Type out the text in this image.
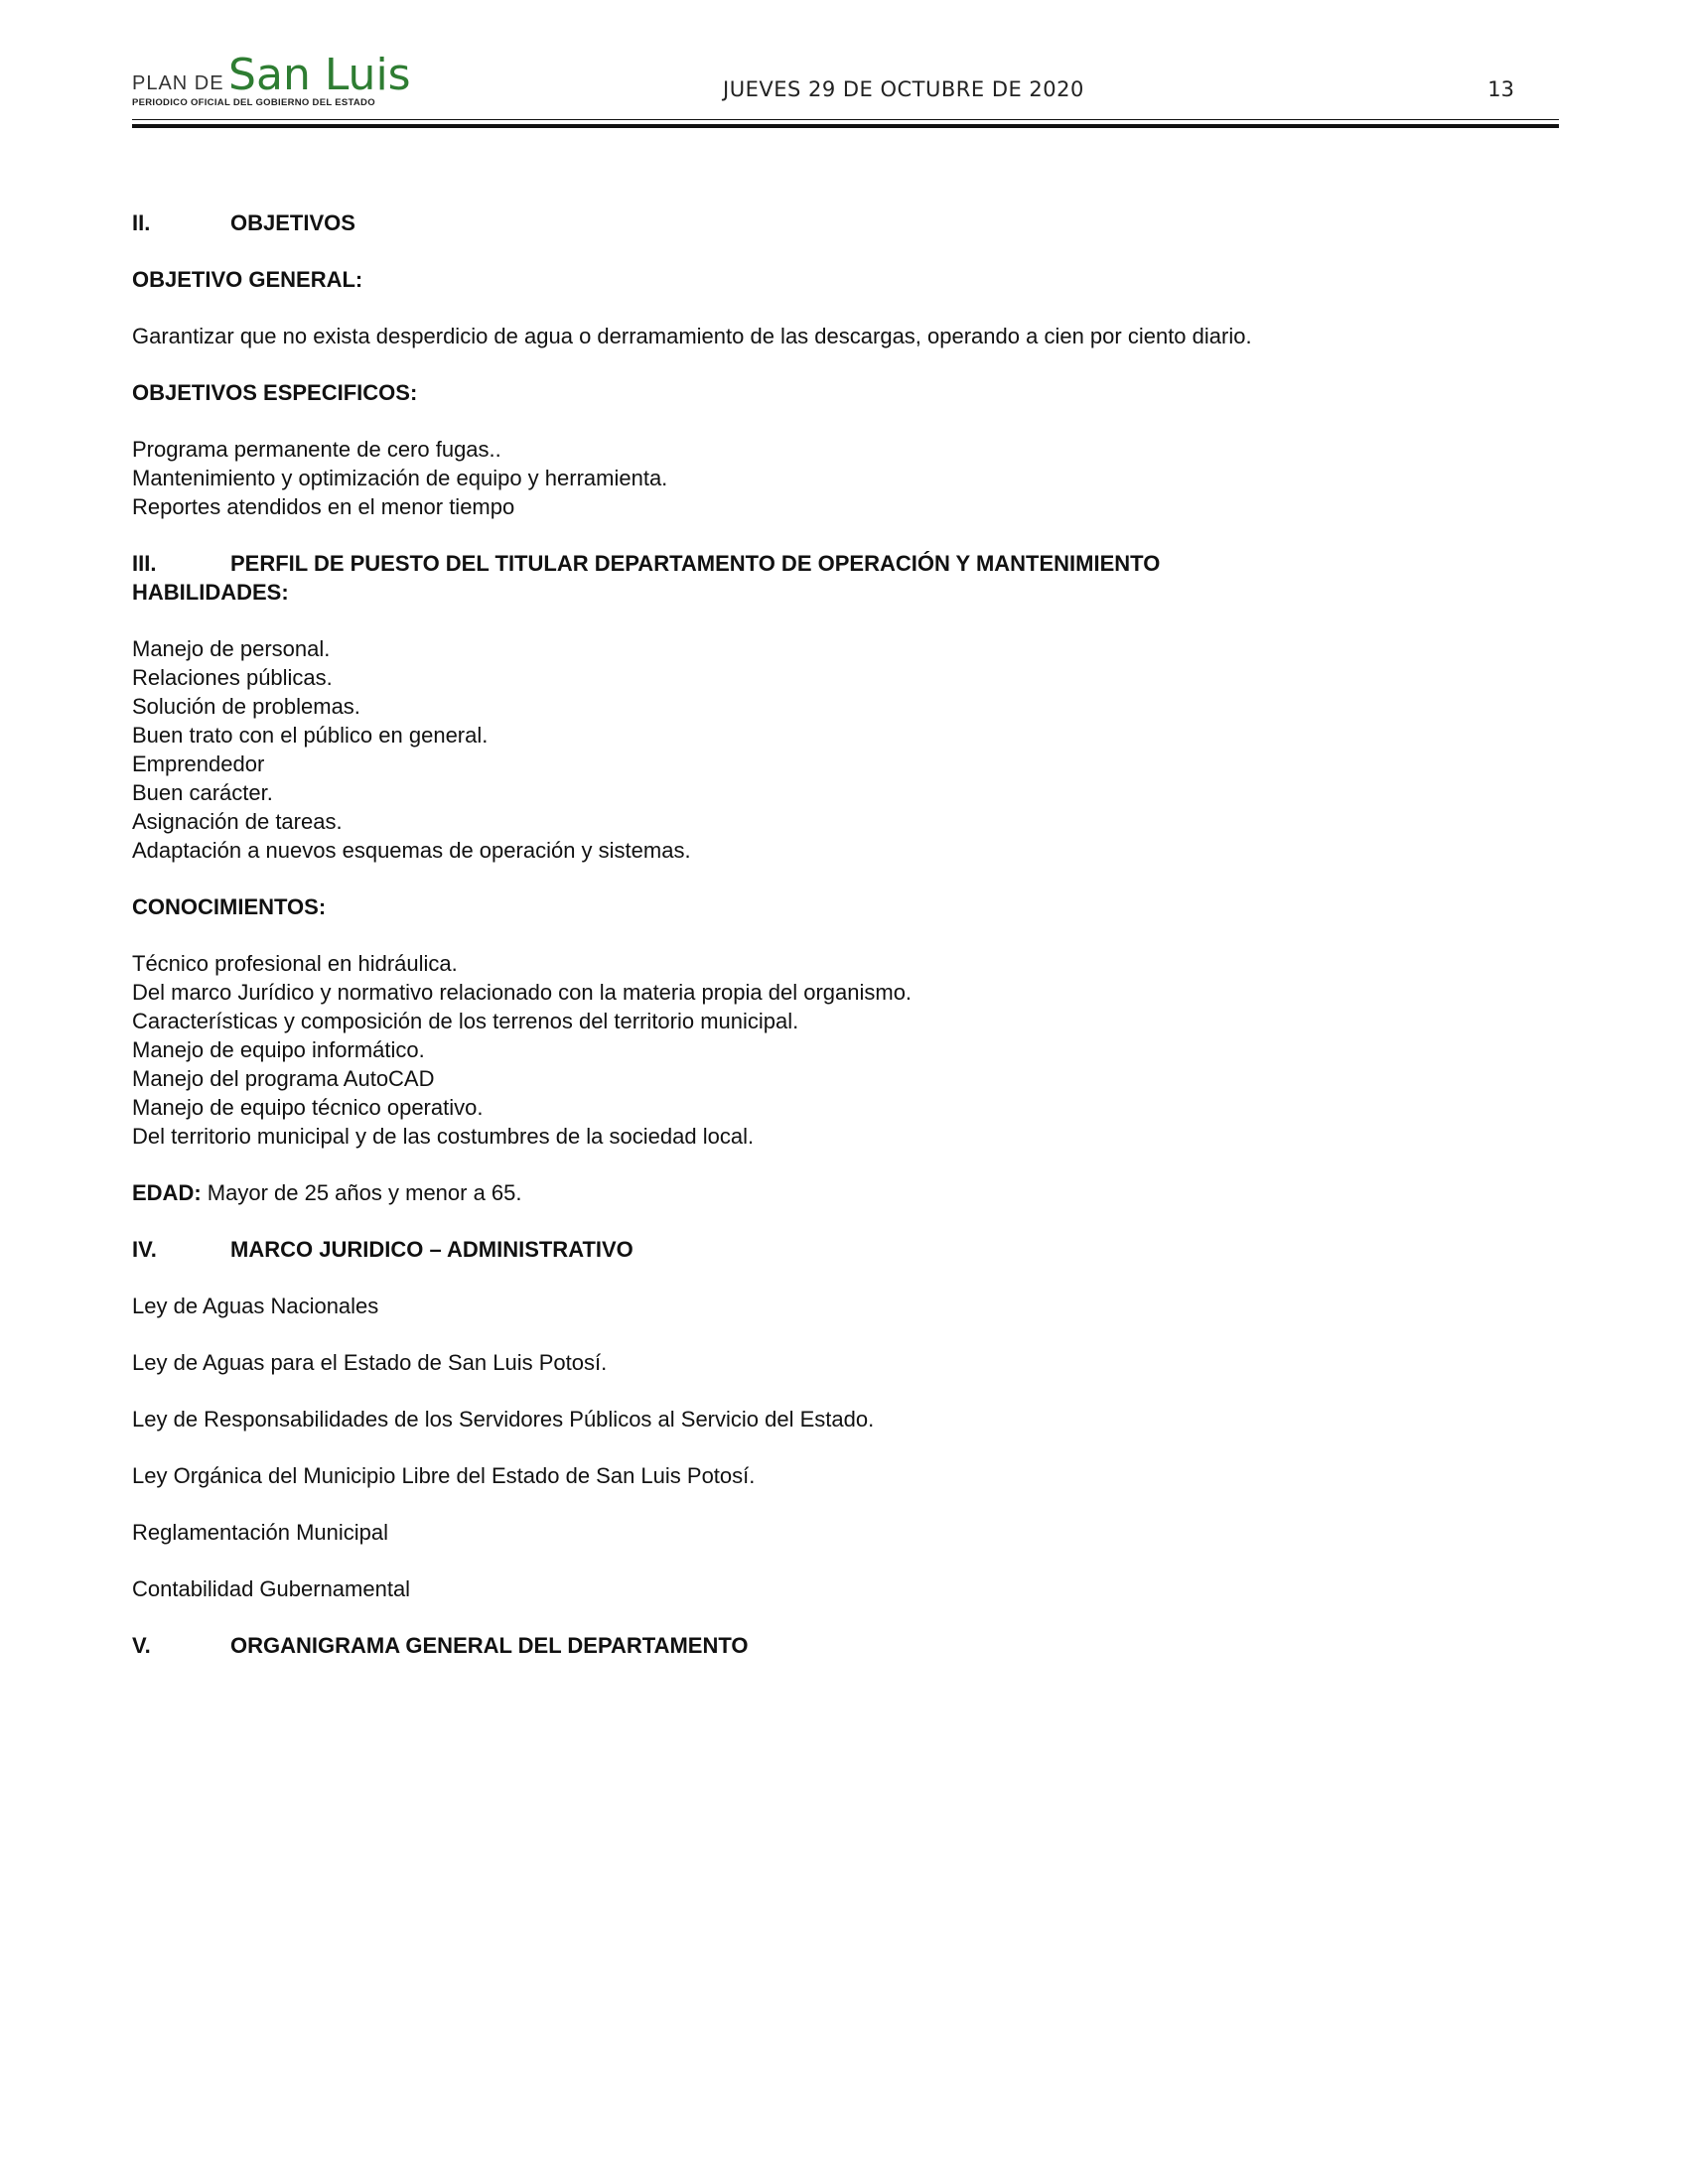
PLAN DE San Luis
PERIODICO OFICIAL DEL GOBIERNO DEL ESTADO
JUEVES 29 DE OCTUBRE DE 2020	13

II.	OBJETIVOS

OBJETIVO GENERAL:

Garantizar que no exista desperdicio de agua o derramamiento de las descargas, operando a cien por ciento diario.

OBJETIVOS ESPECIFICOS:

Programa permanente de cero fugas..

Mantenimiento y optimización de equipo y herramienta.

Reportes atendidos en el menor tiempo

III.	PERFIL DE PUESTO DEL TITULAR DEPARTAMENTO DE OPERACIÓN Y MANTENIMIENTO

HABILIDADES:

Manejo de personal.

Relaciones públicas.

Solución de problemas.

Buen trato con el público en general.

Emprendedor

Buen carácter.

Asignación de tareas.

Adaptación a nuevos esquemas de operación y sistemas.

CONOCIMIENTOS:

Técnico profesional en hidráulica.

Del marco Jurídico y normativo relacionado con la materia propia del organismo.

Características y composición de los terrenos del territorio municipal.

Manejo de equipo informático.

Manejo del programa AutoCAD

Manejo de equipo técnico operativo.

Del territorio municipal y de las costumbres de la sociedad local.

EDAD: Mayor de 25 años y menor a 65.

IV.	MARCO JURIDICO – ADMINISTRATIVO

Ley de Aguas Nacionales

Ley de Aguas para el Estado de San Luis Potosí.

Ley de Responsabilidades de los Servidores Públicos al Servicio del Estado.

Ley Orgánica del Municipio Libre del Estado de San Luis Potosí.

Reglamentación Municipal

Contabilidad Gubernamental

V.	ORGANIGRAMA GENERAL DEL DEPARTAMENTO
